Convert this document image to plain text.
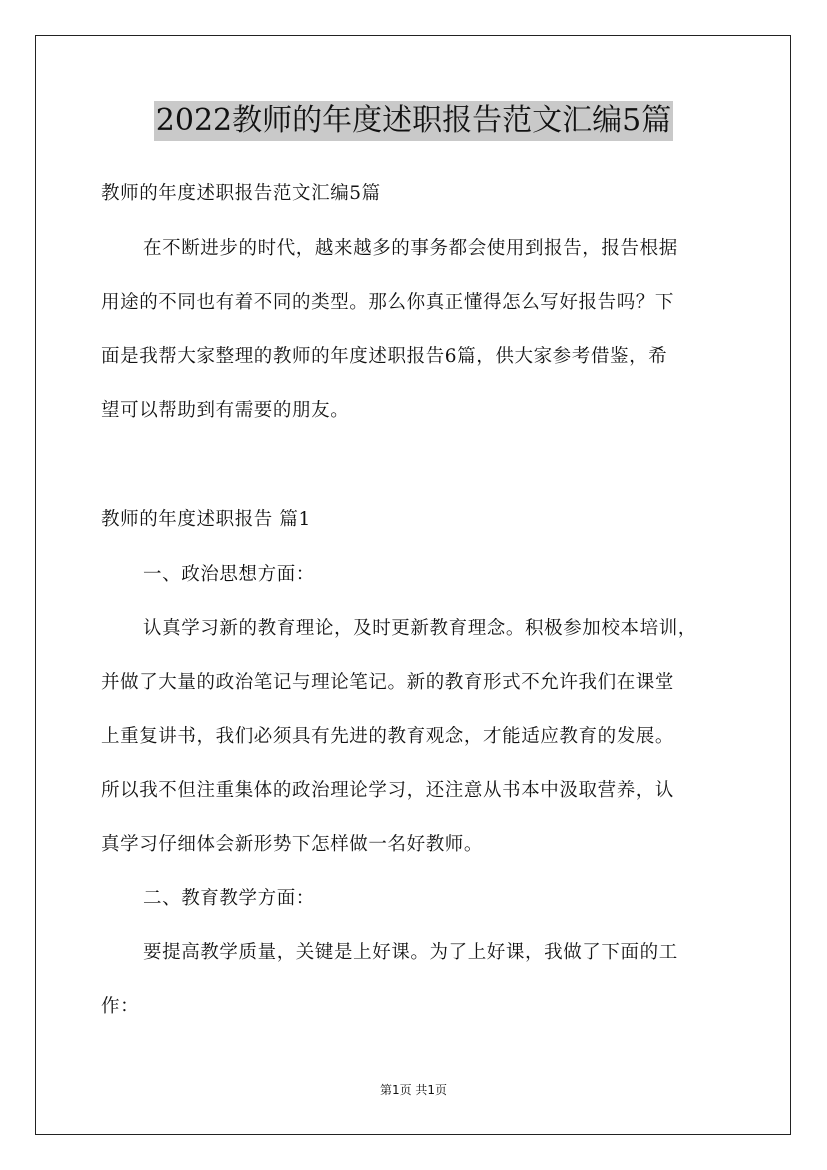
2022教师的年度述职报告范文汇编5篇
教师的年度述职报告范文汇编5篇
在不断进步的时代，越来越多的事务都会使用到报告，报告根据
用途的不同也有着不同的类型。那么你真正懂得怎么写好报告吗？下
面是我帮大家整理的教师的年度述职报告6篇，供大家参考借鉴，希
望可以帮助到有需要的朋友。
教师的年度述职报告 篇1
一、政治思想方面：
认真学习新的教育理论，及时更新教育理念。积极参加校本培训，
并做了大量的政治笔记与理论笔记。新的教育形式不允许我们在课堂
上重复讲书，我们必须具有先进的教育观念，才能适应教育的发展。
所以我不但注重集体的政治理论学习，还注意从书本中汲取营养，认
真学习仔细体会新形势下怎样做一名好教师。
二、教育教学方面：
要提高教学质量，关键是上好课。为了上好课，我做了下面的工
作：
第1页 共1页
